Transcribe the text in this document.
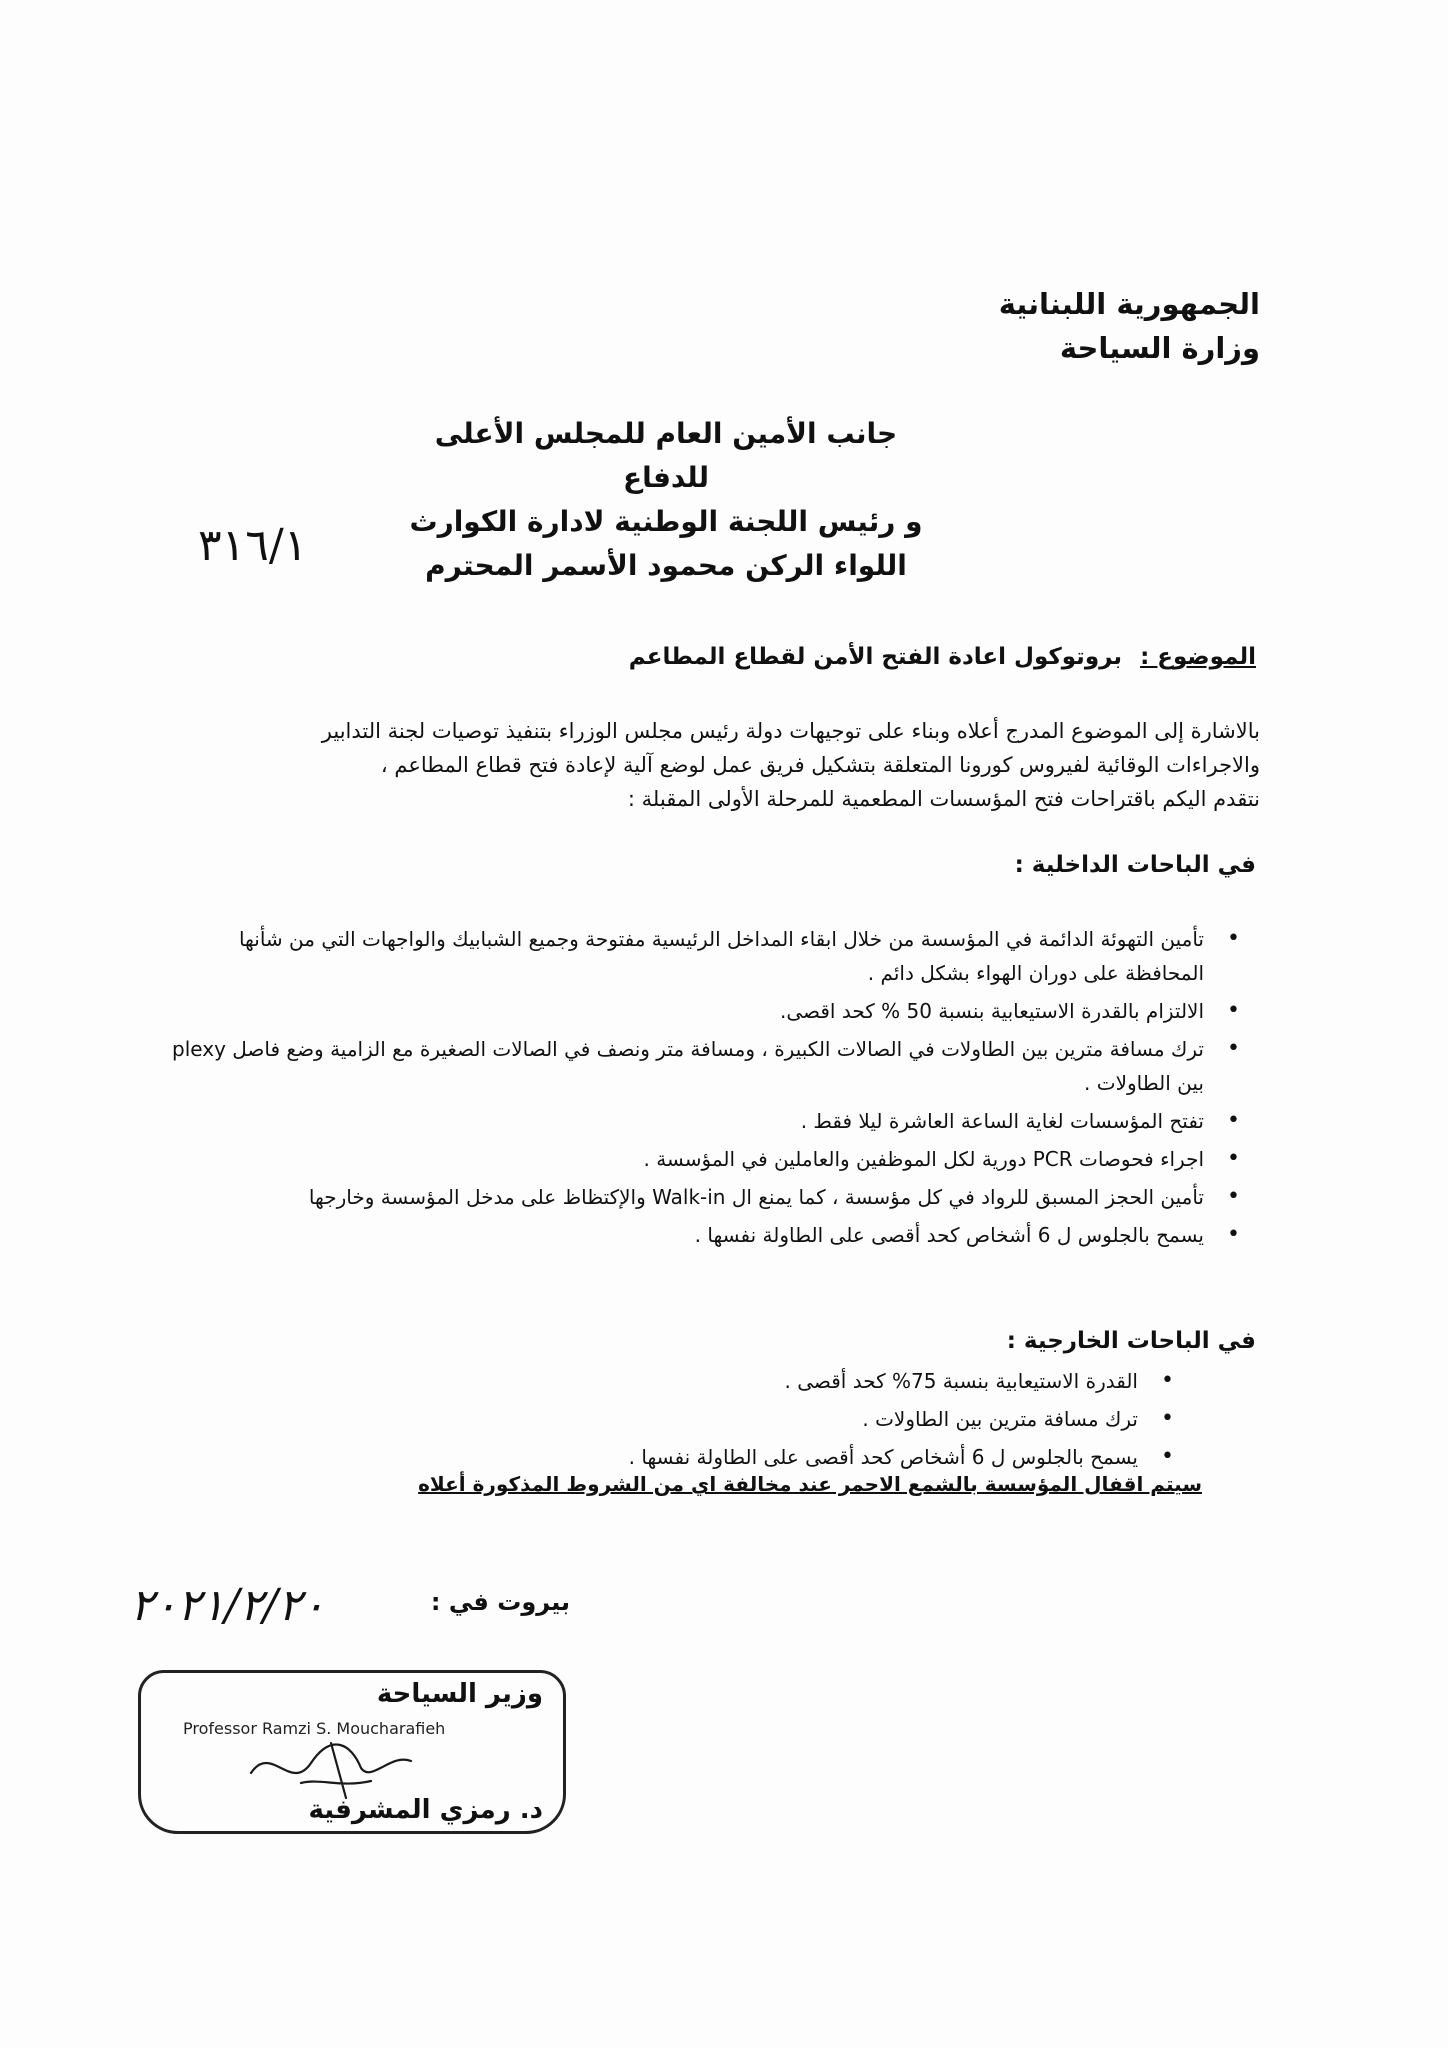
الجمهورية اللبنانية
وزارة السياحة
جانب الأمين العام للمجلس الأعلى للدفاع
و رئيس اللجنة الوطنية لادارة الكوارث
اللواء الركن محمود الأسمر المحترم
٣١٦/١
الموضوع : بروتوكول اعادة الفتح الأمن لقطاع المطاعم
بالاشارة إلى الموضوع المدرج أعلاه وبناء على توجيهات دولة رئيس مجلس الوزراء بتنفيذ توصيات لجنة التدابير
والاجراءات الوقائية لفيروس كورونا المتعلقة بتشكيل فريق عمل لوضع آلية لإعادة فتح قطاع المطاعم ،
نتقدم اليكم باقتراحات فتح المؤسسات المطعمية للمرحلة الأولى المقبلة :
في الباحات الداخلية :
• تأمين التهوئة الدائمة في المؤسسة من خلال ابقاء المداخل الرئيسية مفتوحة وجميع الشبابيك والواجهات التي من شأنها المحافظة على دوران الهواء بشكل دائم .
• الالتزام بالقدرة الاستيعابية بنسبة 50 % كحد اقصى.
• ترك مسافة مترين بين الطاولات في الصالات الكبيرة ، ومسافة متر ونصف في الصالات الصغيرة مع الزامية وضع فاصل plexy بين الطاولات .
• تفتح المؤسسات لغاية الساعة العاشرة ليلا فقط .
• اجراء فحوصات PCR دورية لكل الموظفين والعاملين في المؤسسة .
• تأمين الحجز المسبق للرواد في كل مؤسسة ، كما يمنع ال Walk-in والإكتظاظ على مدخل المؤسسة وخارجها
• يسمح بالجلوس ل 6 أشخاص كحد أقصى على الطاولة نفسها .
في الباحات الخارجية :
• القدرة الاستيعابية بنسبة 75% كحد أقصى .
• ترك مسافة مترين بين الطاولات .
• يسمح بالجلوس ل 6 أشخاص كحد أقصى على الطاولة نفسها .
سيتم اقفال المؤسسة بالشمع الاحمر عند مخالفة اي من الشروط المذكورة أعلاه
بيروت في :
٢٠٢١/٢/٢٠
وزير السياحة
Professor Ramzi S. Moucharafieh
د. رمزي المشرفية
